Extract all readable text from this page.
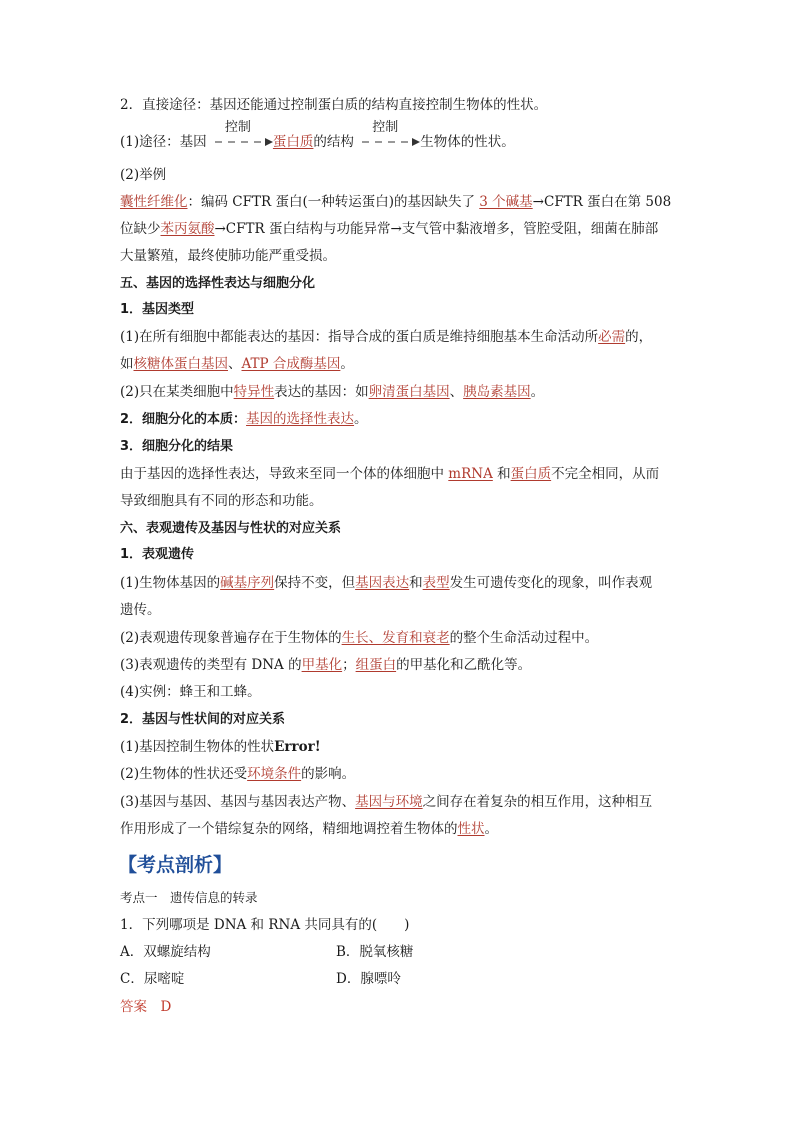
2．直接途径：基因还能通过控制蛋白质的结构直接控制生物体的性状。
(1)途径：基因
控制
蛋白质的结构
控制
生物体的性状。
(2)举例
囊性纤维化：编码 CFTR 蛋白(一种转运蛋白)的基因缺失了 3 个碱基→CFTR 蛋白在第 508
位缺少苯丙氨酸→CFTR 蛋白结构与功能异常→支气管中黏液增多，管腔受阻，细菌在肺部
大量繁殖，最终使肺功能严重受损。
五、基因的选择性表达与细胞分化
1．基因类型
(1)在所有细胞中都能表达的基因：指导合成的蛋白质是维持细胞基本生命活动所必需的，
如核糖体蛋白基因、ATP 合成酶基因。
(2)只在某类细胞中特异性表达的基因：如卵清蛋白基因、胰岛素基因。
2．细胞分化的本质：基因的选择性表达。
3．细胞分化的结果
由于基因的选择性表达，导致来至同一个体的体细胞中 mRNA 和蛋白质不完全相同，从而
导致细胞具有不同的形态和功能。
六、表观遗传及基因与性状的对应关系
1．表观遗传
(1)生物体基因的碱基序列保持不变，但基因表达和表型发生可遗传变化的现象，叫作表观
遗传。
(2)表观遗传现象普遍存在于生物体的生长、发育和衰老的整个生命活动过程中。
(3)表观遗传的类型有 DNA 的甲基化；组蛋白的甲基化和乙酰化等。
(4)实例：蜂王和工蜂。
2．基因与性状间的对应关系
(1)基因控制生物体的性状Error!
(2)生物体的性状还受环境条件的影响。
(3)基因与基因、基因与基因表达产物、基因与环境之间存在着复杂的相互作用，这种相互
作用形成了一个错综复杂的网络，精细地调控着生物体的性状。
【考点剖析】
考点一　遗传信息的转录
1．下列哪项是 DNA 和 RNA 共同具有的(　　)
A．双螺旋结构	B．脱氧核糖
C．尿嘧啶	D．腺嘌呤
答案　D
